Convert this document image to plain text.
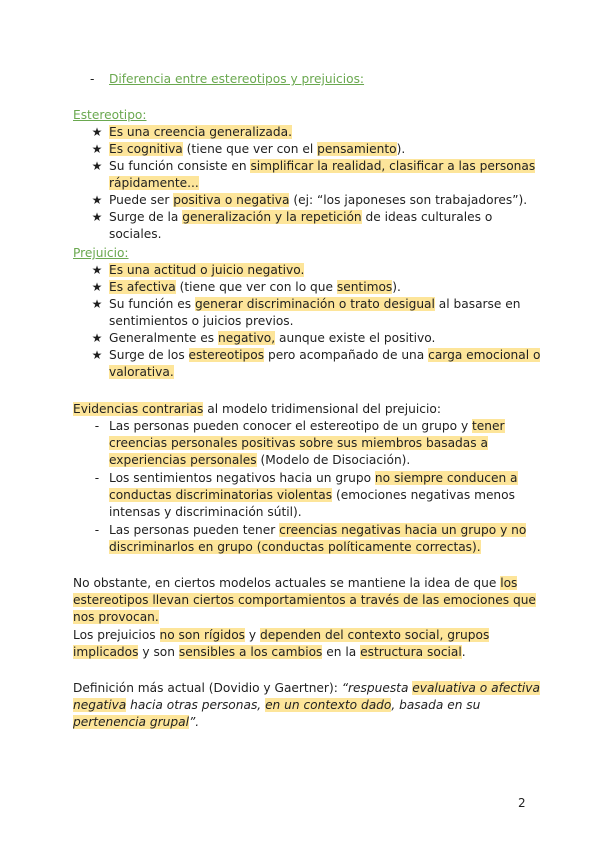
- Diferencia entre estereotipos y prejuicios:
Estereotipo:
★ Es una creencia generalizada.
★ Es cognitiva (tiene que ver con el pensamiento).
★ Su función consiste en simplificar la realidad, clasificar a las personas
rápidamente...
★ Puede ser positiva o negativa (ej: “los japoneses son trabajadores”).
★ Surge de la generalización y la repetición de ideas culturales o
sociales.
Prejuicio:
★ Es una actitud o juicio negativo.
★ Es afectiva (tiene que ver con lo que sentimos).
★ Su función es generar discriminación o trato desigual al basarse en
sentimientos o juicios previos.
★ Generalmente es negativo, aunque existe el positivo.
★ Surge de los estereotipos pero acompañado de una carga emocional o
valorativa.
Evidencias contrarias al modelo tridimensional del prejuicio:
- Las personas pueden conocer el estereotipo de un grupo y tener
creencias personales positivas sobre sus miembros basadas a
experiencias personales (Modelo de Disociación).
- Los sentimientos negativos hacia un grupo no siempre conducen a
conductas discriminatorias violentas (emociones negativas menos
intensas y discriminación sútil).
- Las personas pueden tener creencias negativas hacia un grupo y no
discriminarlos en grupo (conductas políticamente correctas).
No obstante, en ciertos modelos actuales se mantiene la idea de que los
estereotipos llevan ciertos comportamientos a través de las emociones que
nos provocan.
Los prejuicios no son rígidos y dependen del contexto social, grupos
implicados y son sensibles a los cambios en la estructura social.
Definición más actual (Dovidio y Gaertner): “respuesta evaluativa o afectiva
negativa hacia otras personas, en un contexto dado, basada en su
pertenencia grupal”.
2
